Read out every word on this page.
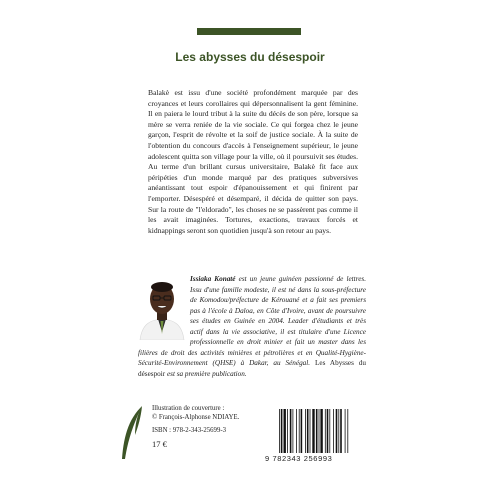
Les abysses du désespoir

Balakè est issu d'une société profondément marquée par des croyances et leurs corollaires qui dépersonnalisent la gent féminine. Il en paiera le lourd tribut à la suite du décès de son père, lorsque sa mère se verra reniée de la vie sociale. Ce qui forgea chez le jeune garçon, l'esprit de révolte et la soif de justice sociale. À la suite de l'obtention du concours d'accès à l'enseignement supérieur, le jeune adolescent quitta son village pour la ville, où il poursuivit ses études. Au terme d'un brillant cursus universitaire, Balakè fit face aux péripéties d'un monde marqué par des pratiques subversives anéantissant tout espoir d'épanouissement et qui finirent par l'emporter. Désespéré et désemparé, il décida de quitter son pays. Sur la route de "l'eldorado", les choses ne se passèrent pas comme il les avait imaginées. Tortures, exactions, travaux forcés et kidnappings seront son quotidien jusqu'à son retour au pays.

Issiaka Konaté est un jeune guinéen passionné de lettres. Issu d'une famille modeste, il est né dans la sous-préfecture de Komodou/préfecture de Kérouané et a fait ses premiers pas à l'école à Daloa, en Côte d'Ivoire, avant de poursuivre ses études en Guinée en 2004. Leader d'étudiants et très actif dans la vie associative, il est titulaire d'une Licence professionnelle en droit minier et fait un master dans les filières de droit des activités minières et pétrolières et en Qualité-Hygiène-Sécurité-Environnement (QHSE) à Dakar, au Sénégal. Les Abysses du désespoir est sa première publication.

Illustration de couverture :
© François-Alphonse NDIAYE.
ISBN : 978-2-343-25699-3
17 €
9 782343 256993
